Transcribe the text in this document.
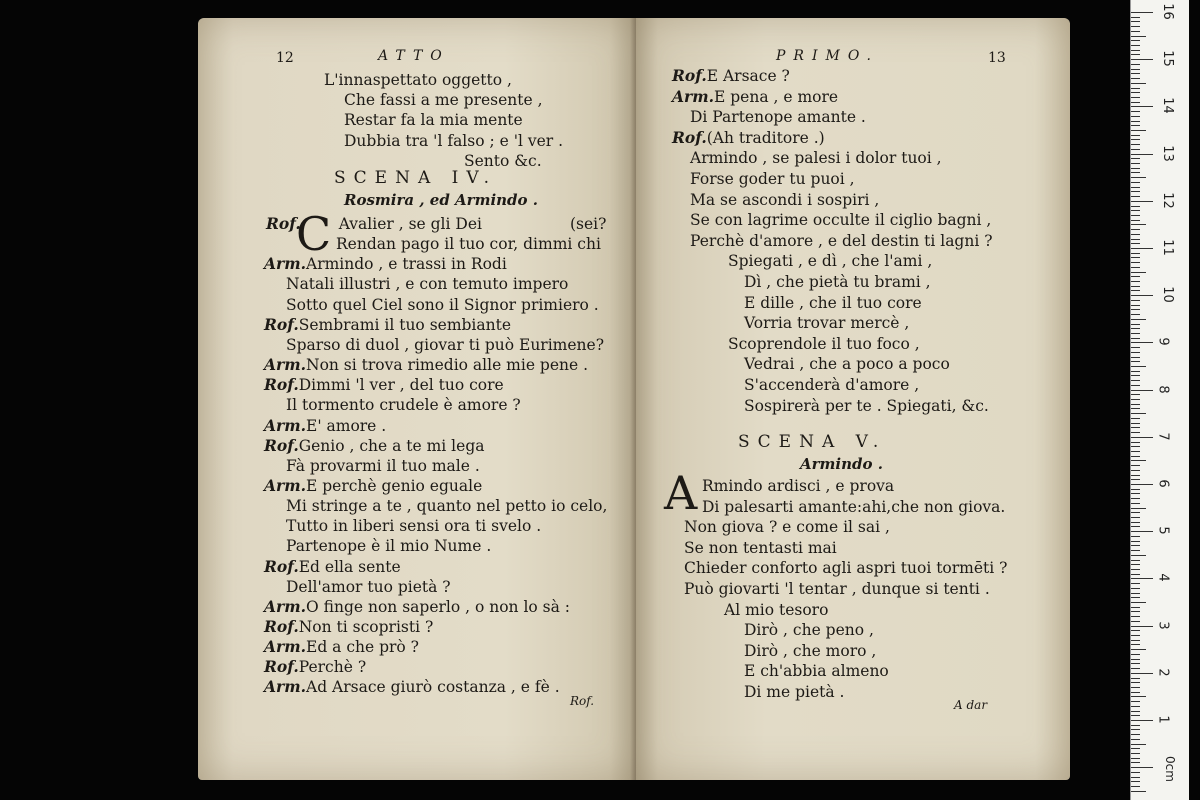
ATTO
12
L'innaspettato oggetto ,
Che fassi a me presente ,
Restar fa la mia mente
Dubbia tra 'l falso ; e 'l ver .
Sento &c.
SCENA IV.
Rosmira , ed Armindo .
C
Rof. Avalier , se gli Dei	(sei?
Rendan pago il tuo cor, dimmi chi
Arm.Armindo , e trassi in Rodi
Natali illustri , e con temuto impero
Sotto quel Ciel sono il Signor primiero .
Rof.Sembrami il tuo sembiante
Sparso di duol , giovar ti può Eurimene?
Arm.Non si trova rimedio alle mie pene .
Rof.Dimmi 'l ver , del tuo core
Il tormento crudele è amore ?
Arm.E' amore .
Rof.Genio , che a te mi lega
Fà provarmi il tuo male .
Arm.E perchè genio eguale
Mi stringe a te , quanto nel petto io celo,
Tutto in liberi sensi ora ti svelo .
Partenope è il mio Nume .
Rof.Ed ella sente
Dell'amor tuo pietà ?
Arm.O finge non saperlo , o non lo sà :
Rof.Non ti scopristi ?
Arm.Ed a che prò ?
Rof.Perchè ?
Arm.Ad Arsace giurò costanza , e fè .
Rof.
PRIMO.	13
Rof.E Arsace ?
Arm.E pena , e more
Di Partenope amante .
Rof.(Ah traditore .)
Armindo , se palesi i dolor tuoi ,
Forse goder tu puoi ,
Ma se ascondi i sospiri ,
Se con lagrime occulte il ciglio bagni ,
Perchè d'amore , e del destin ti lagni ?
Spiegati , e dì , che l'ami ,
Dì , che pietà tu brami ,
E dille , che il tuo core
Vorria trovar mercè ,
Scoprendole il tuo foco ,
Vedrai , che a poco a poco
S'accenderà d'amore ,
Sospirerà per te . Spiegati, &c.
SCENA V.
Armindo .
A Rmindo ardisci , e prova
Di palesarti amante:ahi,che non giova.
Non giova ? e come il sai ,
Se non tentasti mai
Chieder conforto agli aspri tuoi tormēti ?
Può giovarti 'l tentar , dunque si tenti .
Al mio tesoro
Dirò , che peno ,
Dirò , che moro ,
E ch'abbia almeno
Di me pietà .
A dar
0cm
16
15
14
13
12
11
10
9
8
7
6
5
4
3
2
1
